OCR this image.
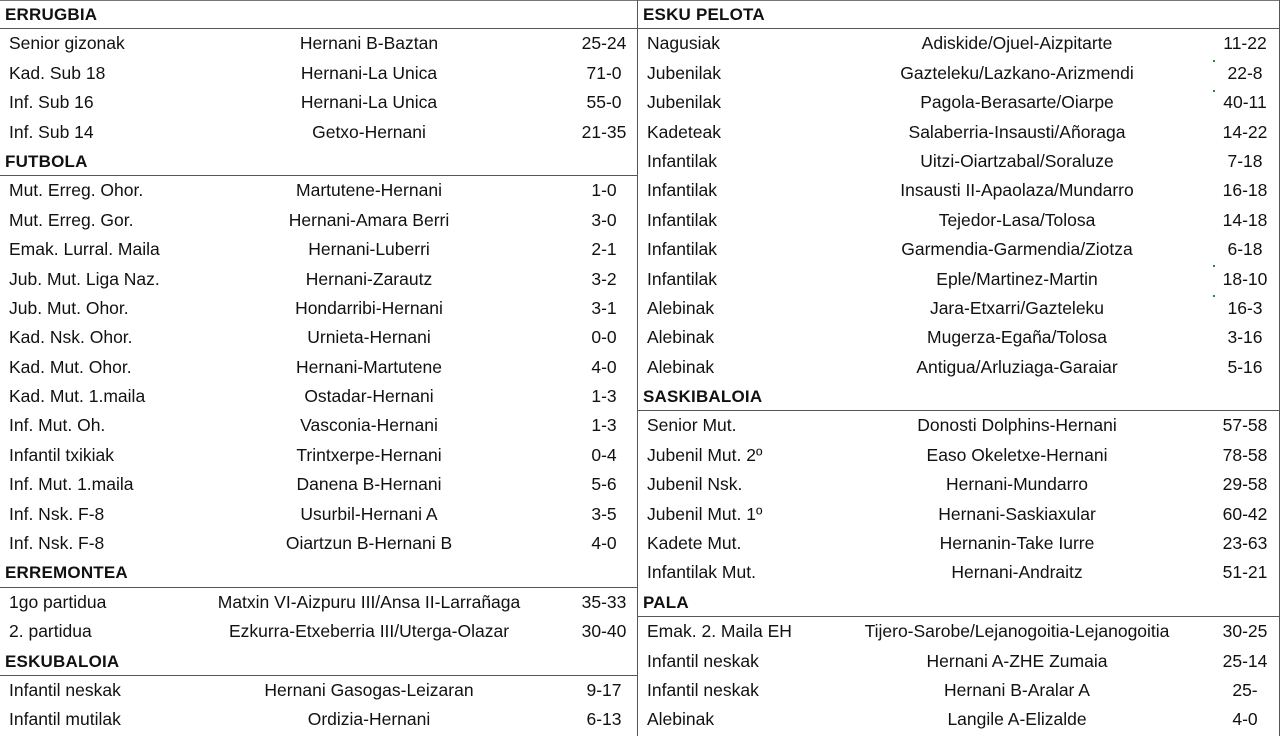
ERRUGBIA
Senior gizonak	Hernani B-Baztan	25-24
Kad. Sub 18	Hernani-La Unica	71-0
Inf. Sub 16	Hernani-La Unica	55-0
Inf. Sub 14	Getxo-Hernani	21-35
FUTBOLA
Mut. Erreg. Ohor.	Martutene-Hernani	1-0
Mut. Erreg. Gor.	Hernani-Amara Berri	3-0
Emak. Lurral. Maila	Hernani-Luberri	2-1
Jub. Mut. Liga Naz.	Hernani-Zarautz	3-2
Jub. Mut. Ohor.	Hondarribi-Hernani	3-1
Kad. Nsk. Ohor.	Urnieta-Hernani	0-0
Kad. Mut. Ohor.	Hernani-Martutene	4-0
Kad. Mut. 1.maila	Ostadar-Hernani	1-3
Inf. Mut. Oh.	Vasconia-Hernani	1-3
Infantil txikiak	Trintxerpe-Hernani	0-4
Inf. Mut. 1.maila	Danena B-Hernani	5-6
Inf. Nsk. F-8	Usurbil-Hernani A	3-5
Inf. Nsk. F-8	Oiartzun B-Hernani B	4-0
ERREMONTEA
1go partidua	Matxin VI-Aizpuru III/Ansa II-Larrañaga	35-33
2. partidua	Ezkurra-Etxeberria III/Uterga-Olazar	30-40
ESKUBALOIA
Infantil neskak	Hernani Gasogas-Leizaran	9-17
Infantil mutilak	Ordizia-Hernani	6-13
ESKU PELOTA
Nagusiak	Adiskide/Ojuel-Aizpitarte	11-22
Jubenilak	Gazteleku/Lazkano-Arizmendi	22-8
Jubenilak	Pagola-Berasarte/Oiarpe	40-11
Kadeteak	Salaberria-Insausti/Añoraga	14-22
Infantilak	Uitzi-Oiartzabal/Soraluze	7-18
Infantilak	Insausti II-Apaolaza/Mundarro	16-18
Infantilak	Tejedor-Lasa/Tolosa	14-18
Infantilak	Garmendia-Garmendia/Ziotza	6-18
Infantilak	Eple/Martinez-Martin	18-10
Alebinak	Jara-Etxarri/Gazteleku	16-3
Alebinak	Mugerza-Egaña/Tolosa	3-16
Alebinak	Antigua/Arluziaga-Garaiar	5-16
SASKIBALOIA
Senior Mut.	Donosti Dolphins-Hernani	57-58
Jubenil Mut. 2º	Easo Okeletxe-Hernani	78-58
Jubenil Nsk.	Hernani-Mundarro	29-58
Jubenil Mut. 1º	Hernani-Saskiaxular	60-42
Kadete Mut.	Hernanin-Take Iurre	23-63
Infantilak Mut.	Hernani-Andraitz	51-21
PALA
Emak. 2. Maila EH	Tijero-Sarobe/Lejanogoitia-Lejanogoitia	30-25
Infantil neskak	Hernani A-ZHE Zumaia	25-14
Infantil neskak	Hernani B-Aralar A	25-
Alebinak	Langile A-Elizalde	4-0
